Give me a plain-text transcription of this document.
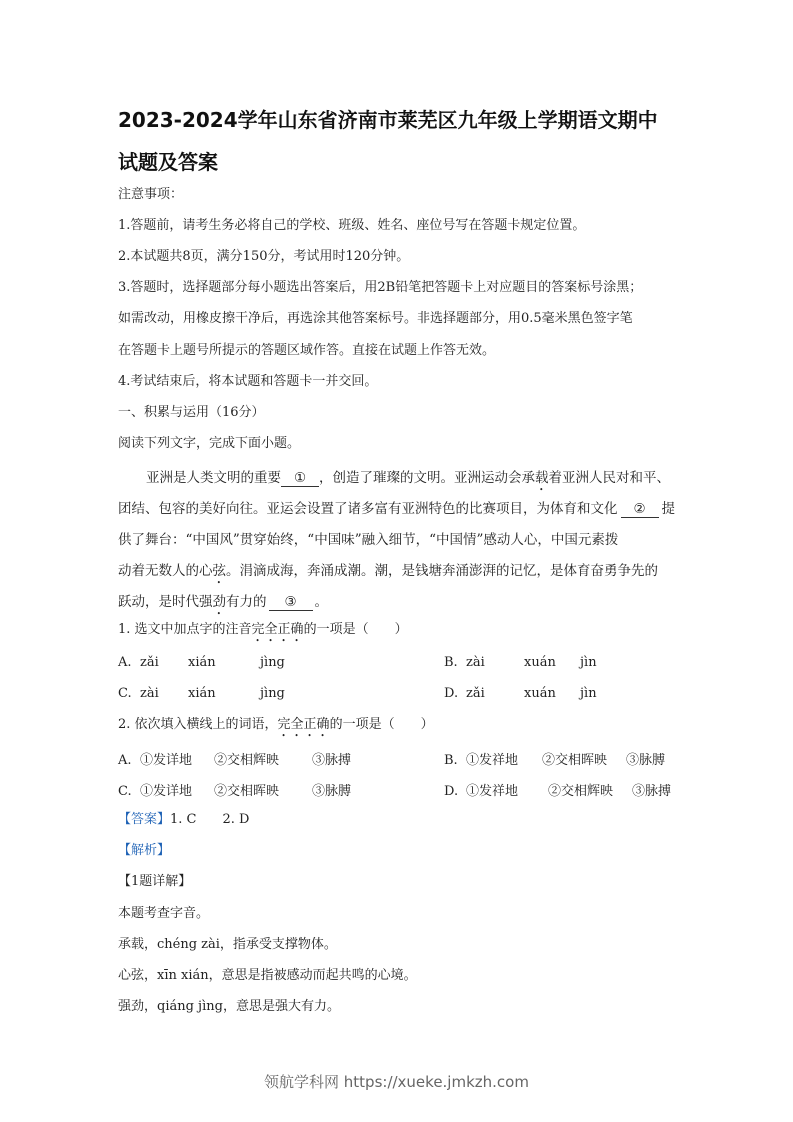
2023-2024学年山东省济南市莱芜区九年级上学期语文期中
试题及答案
注意事项：
1.答题前，请考生务必将自己的学校、班级、姓名、座位号写在答题卡规定位置。
2.本试题共8页，满分150分，考试用时120分钟。
3.答题时，选择题部分每小题选出答案后，用2B铅笔把答题卡上对应题目的答案标号涂黑；
如需改动，用橡皮擦干净后，再选涂其他答案标号。非选择题部分，用0.5毫米黑色签字笔
在答题卡上题号所提示的答题区域作答。直接在试题上作答无效。
4.考试结束后，将本试题和答题卡一并交回。
一、积累与运用（16分）
阅读下列文字，完成下面小题。
亚洲是人类文明的重要 ① ，创造了璀璨的文明。亚洲运动会承载着亚洲人民对和平、
团结、包容的美好向往。亚运会设置了诸多富有亚洲特色的比赛项目，为体育和文化 ② 提
供了舞台：“中国风”贯穿始终，“中国味”融入细节，“中国情”感动人心，中国元素拨
动着无数人的心弦。涓滴成海，奔涌成潮。潮，是钱塘奔涌澎湃的记忆，是体育奋勇争先的
跃动，是时代强劲有力的 ③ 。
1. 选文中加点字的注音完全正确的一项是（　　）
A. zǎi xián	jìng	B. zài	xuán jìn
C. zài xián	jìng	D. zǎi	xuán jìn
2. 依次填入横线上的词语，完全正确的一项是（　　）
A. ①发详地 ②交相辉映	③脉搏	B. ①发祥地 ②交相晖映 ③脉膊
C. ①发详地 ②交相晖映	③脉膊	D. ①发祥地 ②交相辉映 ③脉搏
【答案】1. C　　2. D
【解析】
【1题详解】
本题考查字音。
承载，chéng zài，指承受支撑物体。
心弦，xīn xián，意思是指被感动而起共鸣的心境。
强劲，qiáng jìng，意思是强大有力。
领航学科网 https://xueke.jmkzh.com
